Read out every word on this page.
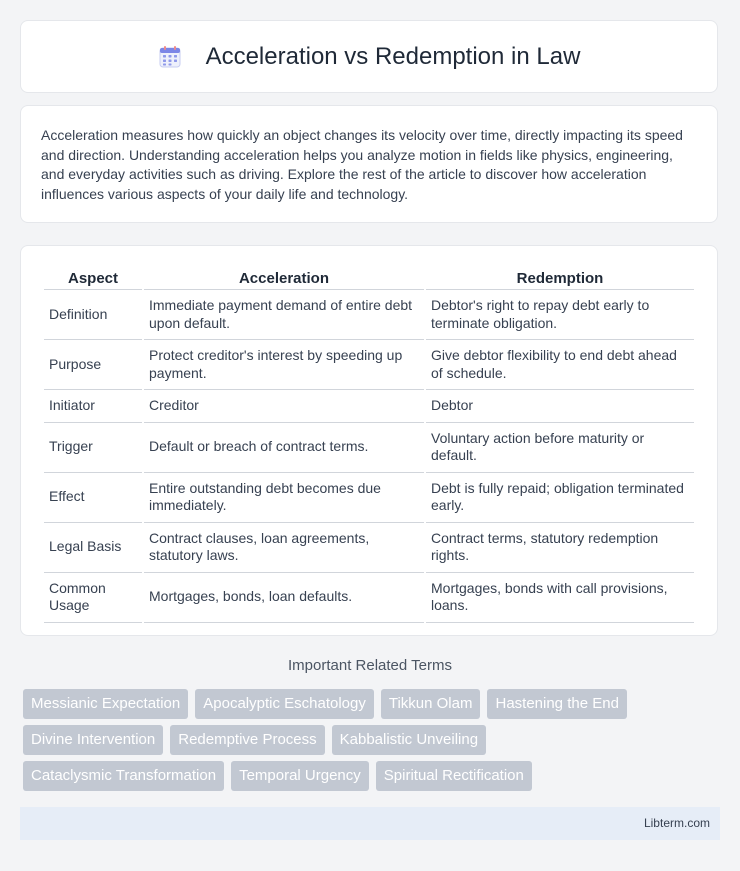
Acceleration vs Redemption in Law

Acceleration measures how quickly an object changes its velocity over time, directly impacting its speed and direction. Understanding acceleration helps you analyze motion in fields like physics, engineering, and everyday activities such as driving. Explore the rest of the article to discover how acceleration influences various aspects of your daily life and technology.

Aspect	Acceleration	Redemption
Definition	Immediate payment demand of entire debt upon default.	Debtor's right to repay debt early to terminate obligation.
Purpose	Protect creditor's interest by speeding up payment.	Give debtor flexibility to end debt ahead of schedule.
Initiator	Creditor	Debtor
Trigger	Default or breach of contract terms.	Voluntary action before maturity or default.
Effect	Entire outstanding debt becomes due immediately.	Debt is fully repaid; obligation terminated early.
Legal Basis	Contract clauses, loan agreements, statutory laws.	Contract terms, statutory redemption rights.
Common Usage	Mortgages, bonds, loan defaults.	Mortgages, bonds with call provisions, loans.
Important Related Terms
Messianic Expectation	Apocalyptic Eschatology	Tikkun Olam	Hastening the End
Divine Intervention	Redemptive Process	Kabbalistic Unveiling
Cataclysmic Transformation	Temporal Urgency	Spiritual Rectification
Libterm.com
